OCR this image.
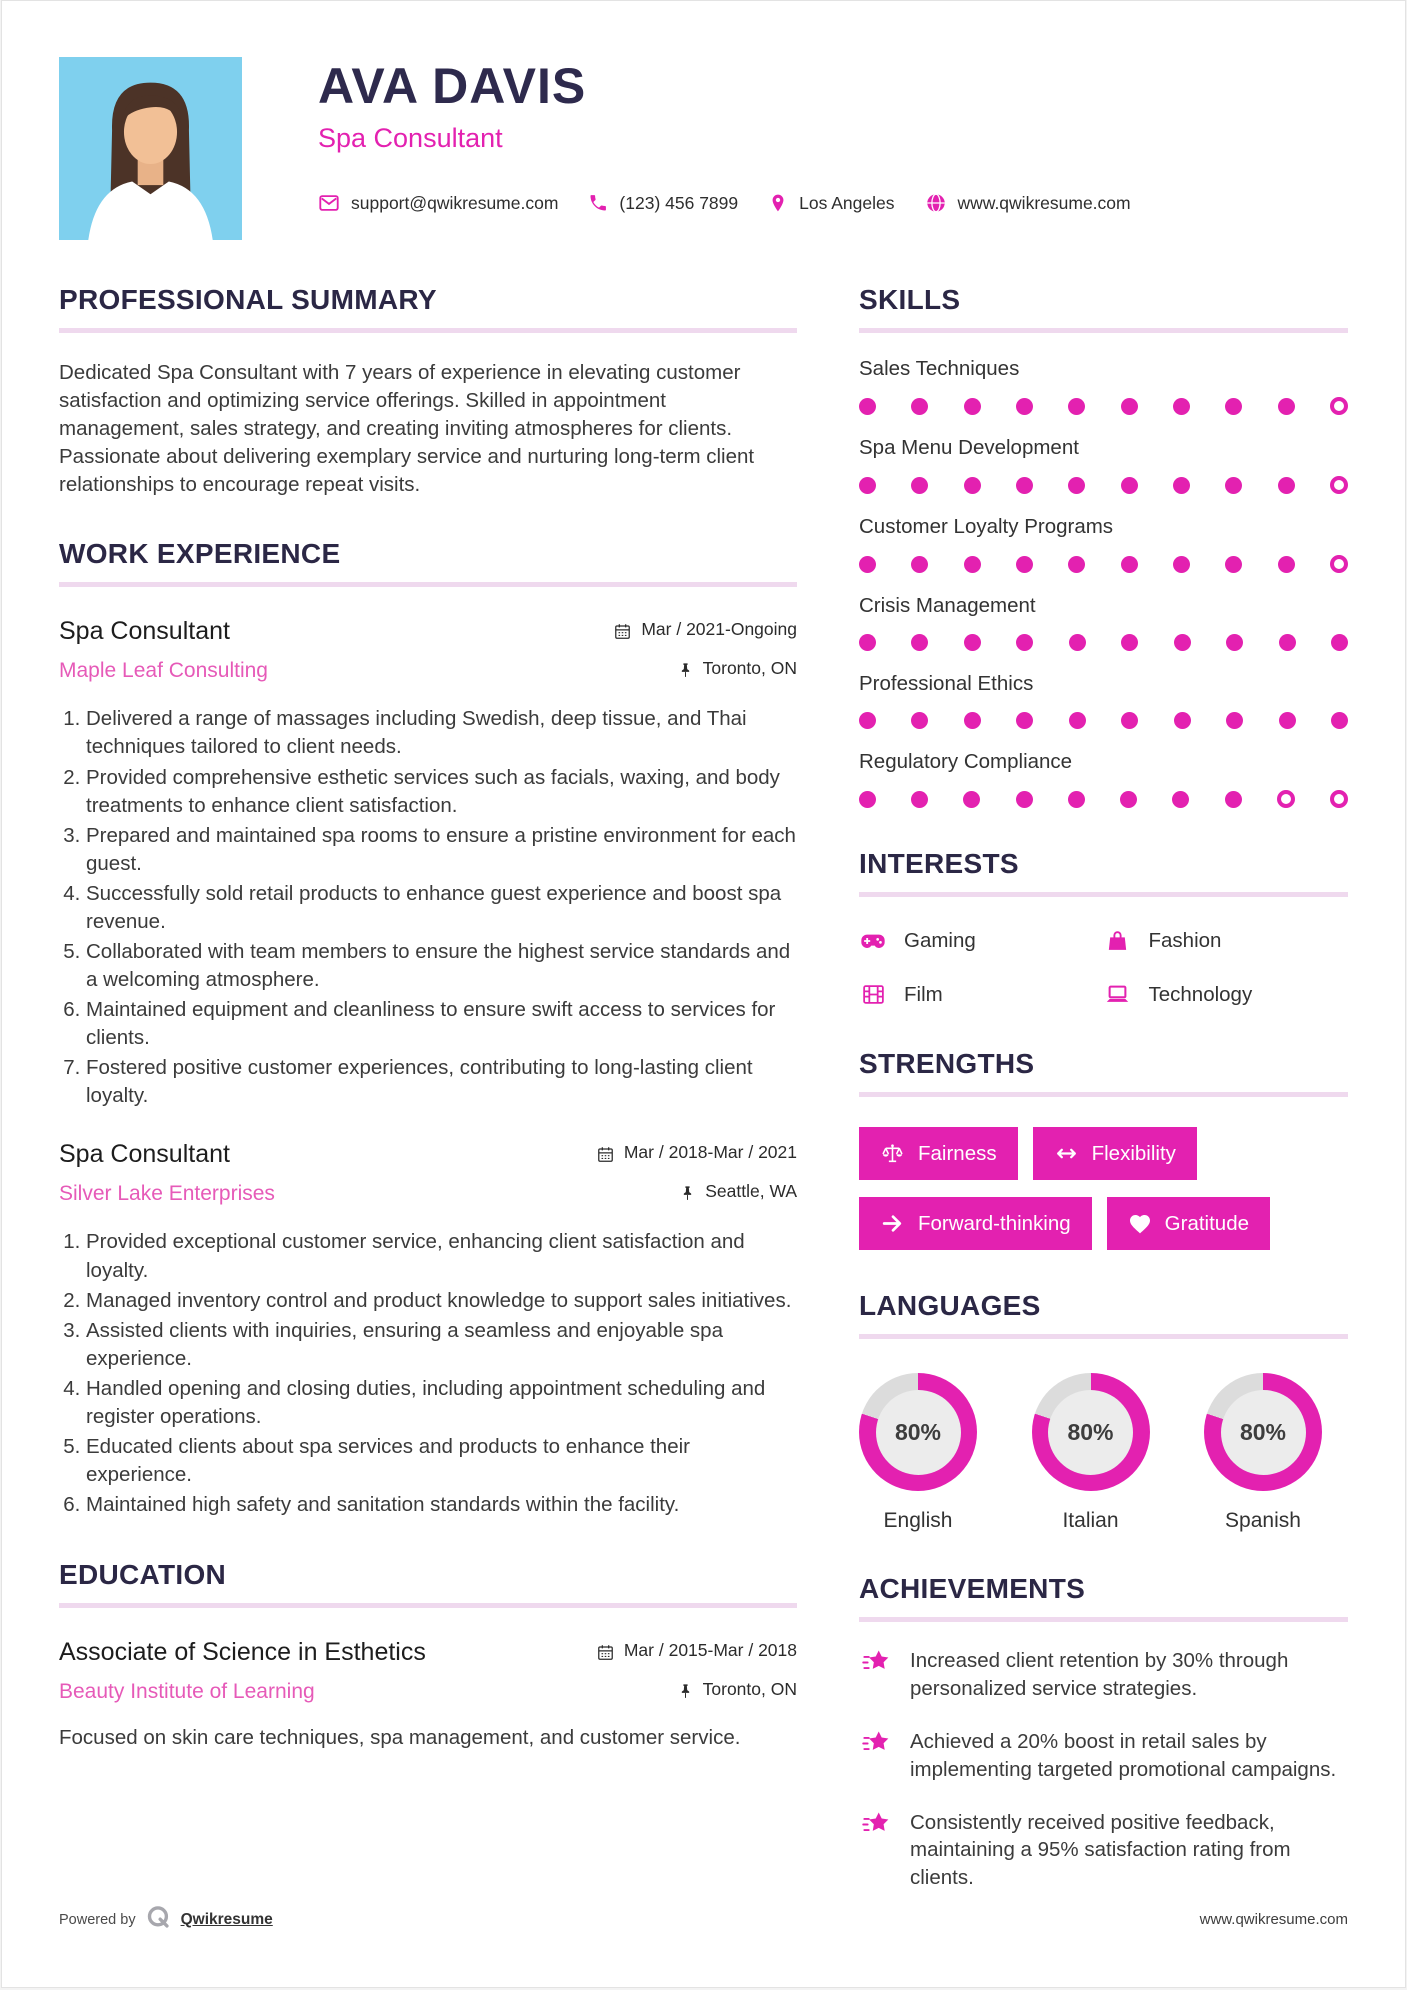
AVA DAVIS
Spa Consultant
support@qwikresume.com	(123) 456 7899	Los Angeles	www.qwikresume.com
PROFESSIONAL SUMMARY

Dedicated Spa Consultant with 7 years of experience in elevating customer satisfaction and optimizing service offerings. Skilled in appointment management, sales strategy, and creating inviting atmospheres for clients. Passionate about delivering exemplary service and nurturing long-term client relationships to encourage repeat visits.

WORK EXPERIENCE
Spa Consultant	Mar / 2021-Ongoing
Maple Leaf Consulting	Toronto, ON
1. Delivered a range of massages including Swedish, deep tissue, and Thai techniques tailored to client needs.
2. Provided comprehensive esthetic services such as facials, waxing, and body treatments to enhance client satisfaction.
3. Prepared and maintained spa rooms to ensure a pristine environment for each guest.
4. Successfully sold retail products to enhance guest experience and boost spa revenue.
5. Collaborated with team members to ensure the highest service standards and a welcoming atmosphere.
6. Maintained equipment and cleanliness to ensure swift access to services for clients.
7. Fostered positive customer experiences, contributing to long-lasting client loyalty.
Spa Consultant	Mar / 2018-Mar / 2021
Silver Lake Enterprises	Seattle, WA
1. Provided exceptional customer service, enhancing client satisfaction and loyalty.
2. Managed inventory control and product knowledge to support sales initiatives.
3. Assisted clients with inquiries, ensuring a seamless and enjoyable spa experience.
4. Handled opening and closing duties, including appointment scheduling and register operations.
5. Educated clients about spa services and products to enhance their experience.
6. Maintained high safety and sanitation standards within the facility.
EDUCATION
Associate of Science in Esthetics	Mar / 2015-Mar / 2018
Beauty Institute of Learning	Toronto, ON

Focused on skin care techniques, spa management, and customer service.

SKILLS
Sales Techniques
Spa Menu Development
Customer Loyalty Programs
Crisis Management
Professional Ethics
Regulatory Compliance
INTERESTS
Gaming	Fashion
Film	Technology
STRENGTHS
Fairness	Flexibility
Forward-thinking	Gratitude
LANGUAGES
80%
English
80%
Italian
80%
Spanish
ACHIEVEMENTS

Increased client retention by 30% through personalized service strategies.

Achieved a 20% boost in retail sales by implementing targeted promotional campaigns.

Consistently received positive feedback, maintaining a 95% satisfaction rating from clients.

Powered by	Qwikresume	www.qwikresume.com
